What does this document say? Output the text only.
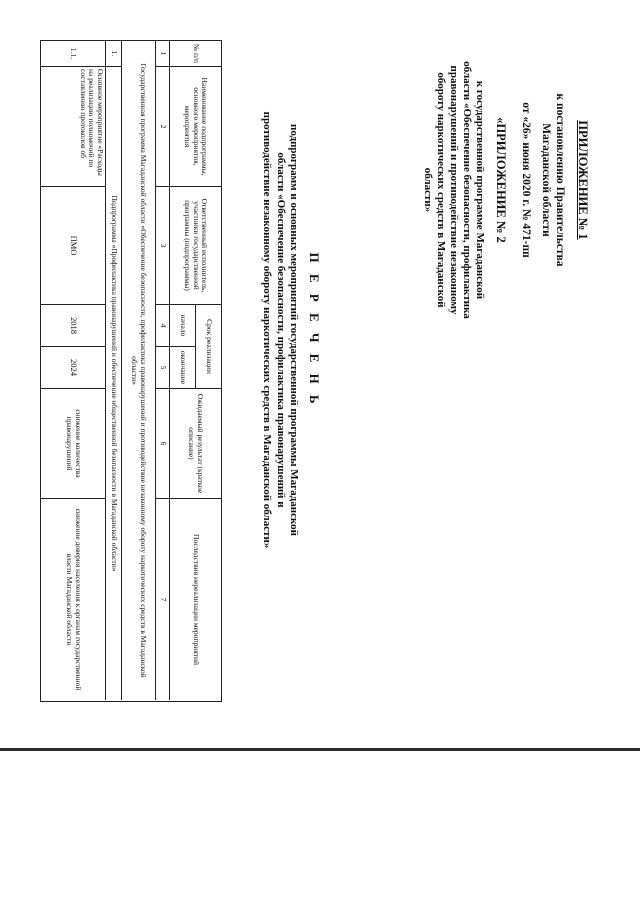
ПРИЛОЖЕНИЕ № 1
к постановлению Правительства Магаданской области
от «26» июня 2020 г. № 471-пп
«ПРИЛОЖЕНИЕ № 2
к государственной программе Магаданской области «Обеспечение безопасности, профилактика правонарушений и противодействие незаконному обороту наркотических средств в Магаданской области»
П Е Р Е Ч Е Н Ь
подпрограмм и основных мероприятий государственной программы Магаданской области «Обеспечение безопасности, профилактика правонарушений и противодействие незаконному обороту наркотических средств в Магаданской области»
№ п/п
Наименование подпрограммы, основного мероприятия, мероприятия
Ответственный исполнитель, участники государственной программы (подпрограммы)
Срок реализации
начало
окончание
Ожидаемый результат (краткое описание)
Последствия нереализации мероприятий
1
2
3
4
5
6
7
Государственная программа Магаданской области «Обеспечение безопасности, профилактика правонарушений и противодействие незаконному обороту наркотических средств в Магаданской области»
1.
Подпрограмма «Профилактика правонарушений и обеспечение общественной безопасности в Магаданской области»
1.1.
Основное мероприятие «Расходы на реализацию полномочий по составлению протоколов об
ПМО
2018
2024
снижение количества правонарушений
снижение доверия населения к органам государственной власти Магаданской области
